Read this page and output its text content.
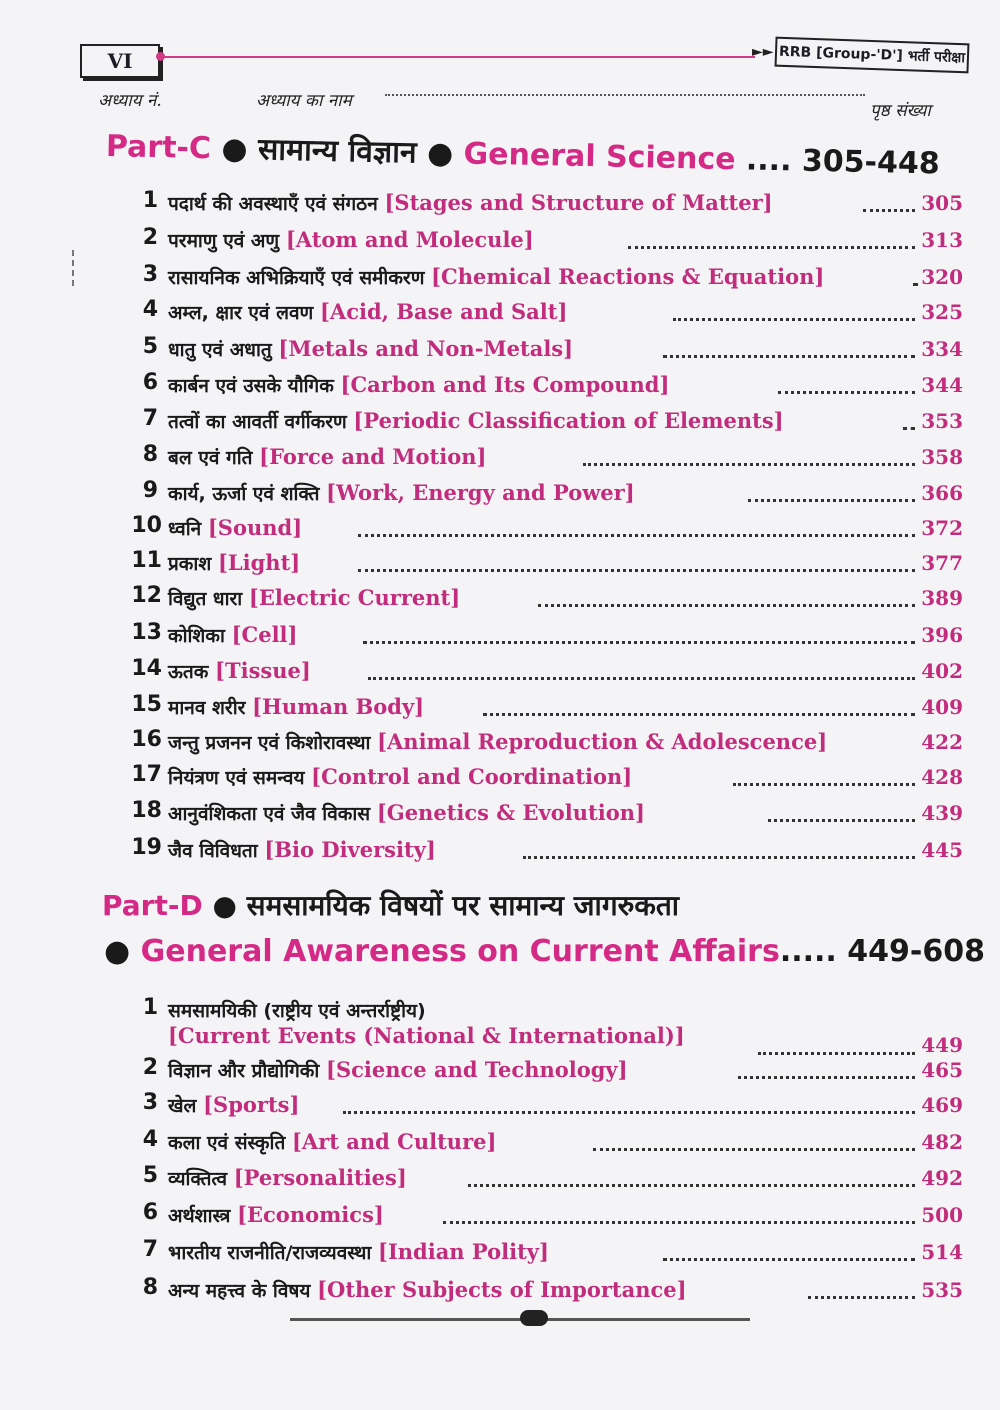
VI	►► RRB [Group-'D'] भर्ती परीक्षा
अध्याय नं.	अध्याय का नाम	पृष्ठ संख्या
Part-C ● सामान्य विज्ञान ● General Science .... 305-448
1 पदार्थ की अवस्थाएँ एवं संगठन [Stages and Structure of Matter]	305
2 परमाणु एवं अणु [Atom and Molecule]	313
3 रासायनिक अभिक्रियाएँ एवं समीकरण [Chemical Reactions & Equation]	320
4 अम्ल, क्षार एवं लवण [Acid, Base and Salt]	325
5 धातु एवं अधातु [Metals and Non-Metals]	334
6 कार्बन एवं उसके यौगिक [Carbon and Its Compound]	344
7 तत्वों का आवर्ती वर्गीकरण [Periodic Classification of Elements]	353
8 बल एवं गति [Force and Motion]	358
9 कार्य, ऊर्जा एवं शक्ति [Work, Energy and Power]	366
10 ध्वनि [Sound]	372
11 प्रकाश [Light]	377
12 विद्युत धारा [Electric Current]	389
13 कोशिका [Cell]	396
14 ऊतक [Tissue]	402
15 मानव शरीर [Human Body]	409
16 जन्तु प्रजनन एवं किशोरावस्था [Animal Reproduction & Adolescence]	422
17 नियंत्रण एवं समन्वय [Control and Coordination]	428
18 आनुवंशिकता एवं जैव विकास [Genetics & Evolution]	439
19 जैव विविधता [Bio Diversity]	445
Part-D ● समसामयिक विषयों पर सामान्य जागरुकता
● General Awareness on Current Affairs..... 449-608
1 समसामयिकी (राष्ट्रीय एवं अन्तर्राष्ट्रीय)
[Current Events (National & International)]	449
2 विज्ञान और प्रौद्योगिकी [Science and Technology]	465
3 खेल [Sports]	469
4 कला एवं संस्कृति [Art and Culture]	482
5 व्यक्तित्व [Personalities]	492
6 अर्थशास्त्र [Economics]	500
7 भारतीय राजनीति/राजव्यवस्था [Indian Polity]	514
8 अन्य महत्त्व के विषय [Other Subjects of Importance]	535
